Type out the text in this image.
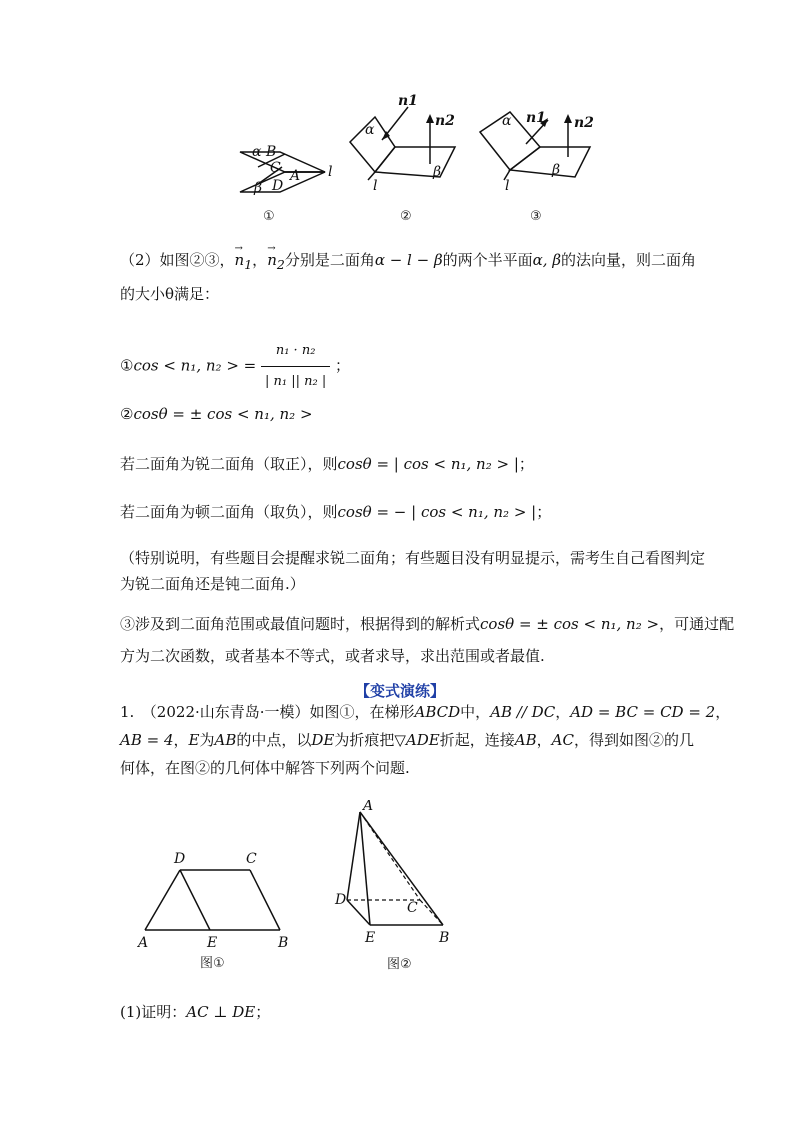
α B
C A l
β D
①
n1
n2
α
β
l
②
n1 n2
α
β
l
③
（2）如图②③，→ $n_1$，→ $n_2$分别是二面角α − l − β的两个半平面α, β的法向量，则二面角
的大小θ满足：
①cos < n₁, n₂ > = $\frac{\text{n₁ · n₂}}{\text{| n₁ || n₂ |}}$ ；
②cosθ = ± cos < n₁, n₂ >
若二面角为锐二面角（取正），则cosθ = | cos < n₁, n₂ > |；
若二面角为顿二面角（取负），则cosθ = − | cos < n₁, n₂ > |；
（特别说明，有些题目会提醒求锐二面角；有些题目没有明显提示，需考生自己看图判定
为锐二面角还是钝二面角.）
③涉及到二面角范围或最值问题时，根据得到的解析式cosθ = ± cos < n₁, n₂ >，可通过配
方为二次函数，或者基本不等式，或者求导，求出范围或者最值.
【变式演练】
1.　（2022·山东青岛·一模）如图①，在梯形ABCD中，AB // DC，AD = BC = CD = 2，
AB = 4，E为AB的中点，以DE为折痕把▽ADE折起，连接AB，AC，得到如图②的几
何体，在图②的几何体中解答下列两个问题.
D	C
A	E	B
图①
A
D	C
E	B
图②
(1)证明：AC ⊥ DE；
